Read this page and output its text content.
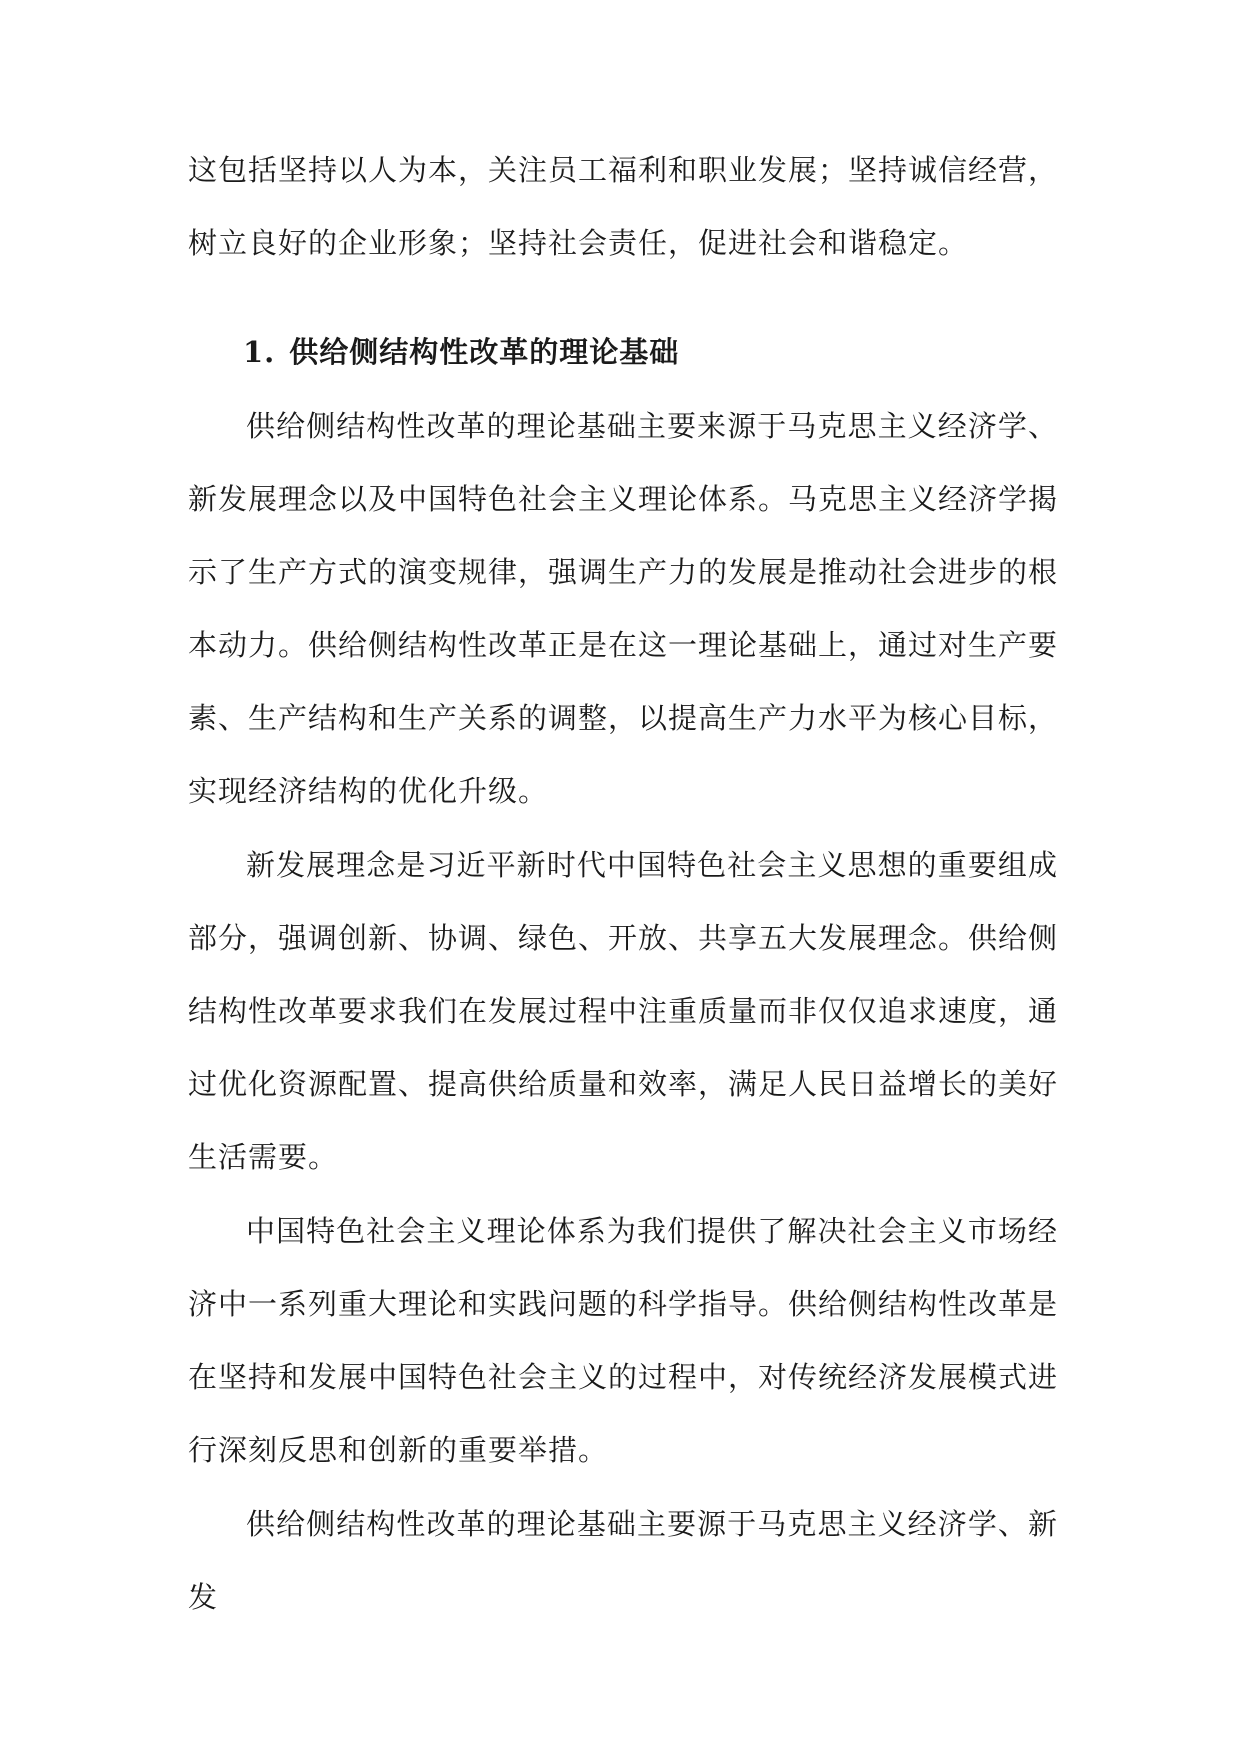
这包括坚持以人为本，关注员工福利和职业发展；坚持诚信经营，树立良好的企业形象；坚持社会责任，促进社会和谐稳定。

1. 供给侧结构性改革的理论基础

供给侧结构性改革的理论基础主要来源于马克思主义经济学、新发展理念以及中国特色社会主义理论体系。马克思主义经济学揭示了生产方式的演变规律，强调生产力的发展是推动社会进步的根本动力。供给侧结构性改革正是在这一理论基础上，通过对生产要素、生产结构和生产关系的调整，以提高生产力水平为核心目标，实现经济结构的优化升级。

新发展理念是习近平新时代中国特色社会主义思想的重要组成部分，强调创新、协调、绿色、开放、共享五大发展理念。供给侧结构性改革要求我们在发展过程中注重质量而非仅仅追求速度，通过优化资源配置、提高供给质量和效率，满足人民日益增长的美好生活需要。

中国特色社会主义理论体系为我们提供了解决社会主义市场经济中一系列重大理论和实践问题的科学指导。供给侧结构性改革是在坚持和发展中国特色社会主义的过程中，对传统经济发展模式进行深刻反思和创新的重要举措。

供给侧结构性改革的理论基础主要源于马克思主义经济学、新发
